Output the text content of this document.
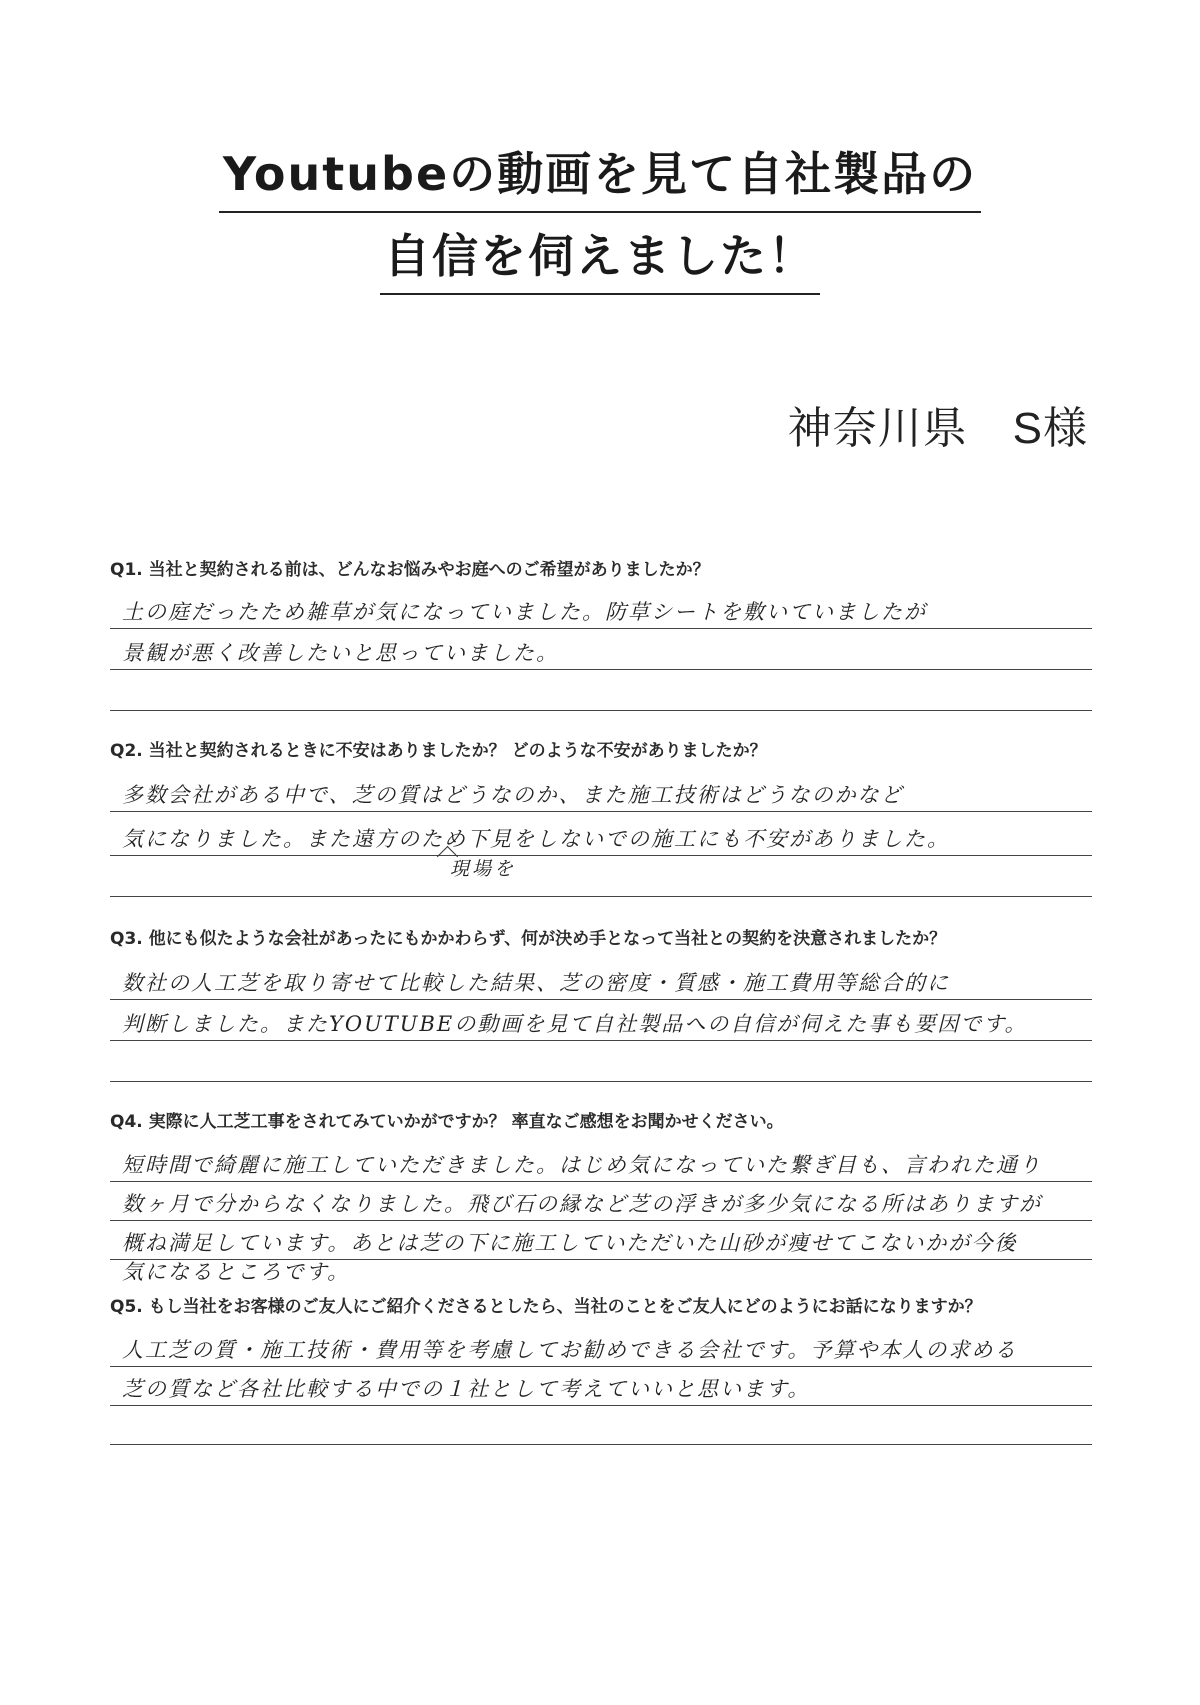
Youtubeの動画を見て自社製品の
自信を伺えました！
神奈川県　S様
Q1. 当社と契約される前は、どんなお悩みやお庭へのご希望がありましたか？
土の庭だったため雑草が気になっていました。防草シートを敷いていましたが
景観が悪く改善したいと思っていました。
Q2. 当社と契約されるときに不安はありましたか？ どのような不安がありましたか？
多数会社がある中で、芝の質はどうなのか、また施工技術はどうなのかなど
気になりました。また遠方のため下見をしないでの施工にも不安がありました。
現場を
Q3. 他にも似たような会社があったにもかかわらず、何が決め手となって当社との契約を決意されましたか？
数社の人工芝を取り寄せて比較した結果、芝の密度・質感・施工費用等総合的に
判断しました。またYOUTUBEの動画を見て自社製品への自信が伺えた事も要因です。
Q4. 実際に人工芝工事をされてみていかがですか？ 率直なご感想をお聞かせください。
短時間で綺麗に施工していただきました。はじめ気になっていた繋ぎ目も、言われた通り
数ヶ月で分からなくなりました。飛び石の縁など芝の浮きが多少気になる所はありますが
概ね満足しています。あとは芝の下に施工していただいた山砂が痩せてこないかが今後
気になるところです。
Q5. もし当社をお客様のご友人にご紹介くださるとしたら、当社のことをご友人にどのようにお話になりますか？
人工芝の質・施工技術・費用等を考慮してお勧めできる会社です。予算や本人の求める
芝の質など各社比較する中での１社として考えていいと思います。
